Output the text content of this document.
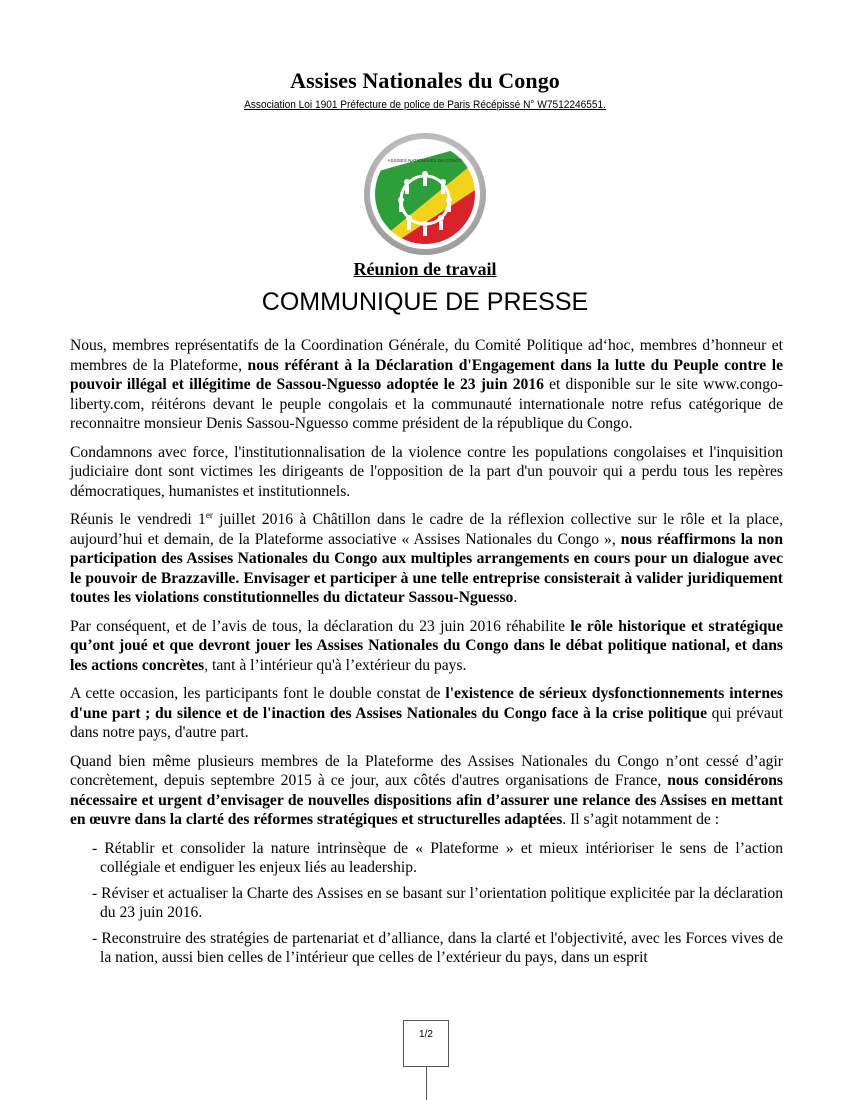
Assises Nationales du Congo
Association Loi 1901 Préfecture de police de Paris Récépissé N° W7512246551.
ASSISES NATIONALES DU CONGO
Réunion de travail
COMMUNIQUE DE PRESSE

Nous, membres représentatifs de la Coordination Générale, du Comité Politique ad‘hoc, membres d’honneur et membres de la Plateforme, nous référant à la Déclaration d'Engagement dans la lutte du Peuple contre le pouvoir illégal et illégitime de Sassou-Nguesso adoptée le 23 juin 2016 et disponible sur le site www.congo-liberty.com, réitérons devant le peuple congolais et la communauté internationale notre refus catégorique de reconnaitre monsieur Denis Sassou-Nguesso comme président de la république du Congo.

Condamnons avec force, l'institutionnalisation de la violence contre les populations congolaises et l'inquisition judiciaire dont sont victimes les dirigeants de l'opposition de la part d'un pouvoir qui a perdu tous les repères démocratiques, humanistes et institutionnels.

Réunis le vendredi 1er juillet 2016 à Châtillon dans le cadre de la réflexion collective sur le rôle et la place, aujourd’hui et demain, de la Plateforme associative « Assises Nationales du Congo », nous réaffirmons la non participation des Assises Nationales du Congo aux multiples arrangements en cours pour un dialogue avec le pouvoir de Brazzaville. Envisager et participer à une telle entreprise consisterait à valider juridiquement toutes les violations constitutionnelles du dictateur Sassou-Nguesso.

Par conséquent, et de l’avis de tous, la déclaration du 23 juin 2016 réhabilite le rôle historique et stratégique qu’ont joué et que devront jouer les Assises Nationales du Congo dans le débat politique national, et dans les actions concrètes, tant à l’intérieur qu'à l’extérieur du pays.

A cette occasion, les participants font le double constat de l'existence de sérieux dysfonctionnements internes d'une part ; du silence et de l'inaction des Assises Nationales du Congo face à la crise politique qui prévaut dans notre pays, d'autre part.

Quand bien même plusieurs membres de la Plateforme des Assises Nationales du Congo n’ont cessé d’agir concrètement, depuis septembre 2015 à ce jour, aux côtés d'autres organisations de France, nous considérons nécessaire et urgent d’envisager de nouvelles dispositions afin d’assurer une relance des Assises en mettant en œuvre dans la clarté des réformes stratégiques et structurelles adaptées. Il s’agit notamment de :

- Rétablir et consolider la nature intrinsèque de « Plateforme » et mieux intérioriser le sens de l’action collégiale et endiguer les enjeux liés au leadership.
- Réviser et actualiser la Charte des Assises en se basant sur l’orientation politique explicitée par la déclaration du 23 juin 2016.
- Reconstruire des stratégies de partenariat et d’alliance, dans la clarté et l'objectivité, avec les Forces vives de la nation, aussi bien celles de l’intérieur que celles de l’extérieur du pays, dans un esprit
1/2
